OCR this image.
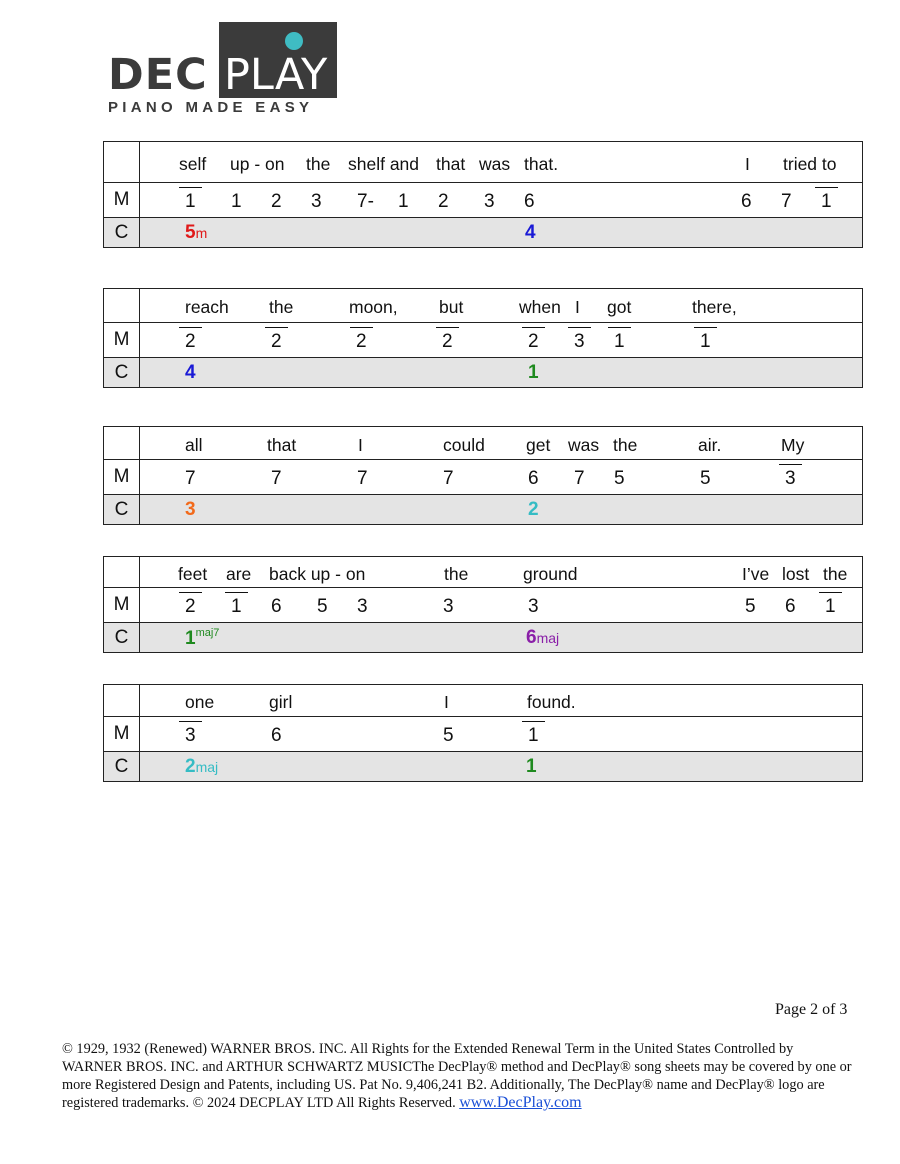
DEC PLAY
PIANO MADE EASY
self up - on the shelf and that was that.	I tried to
M	1 1 2 3 7- 1 2 3 6	6 7 1
C	5m	4
reach the	moon, but	when I got	there,
M	2	2	2	2	2 3 1	1
C	4	1
all	that	I	could get was the	air.	My
M	7	7	7	7	6 7 5	5	3
C	3	2
feet are back up - on	the	ground	I’ve lost the
M	2 1 6 5 3	3	3	5 6 1
C	$1^{maj7}$	6maj
one	girl	I	found.
M	3	6	5	1
C	2maj	1
Page 2 of 3
© 1929, 1932 (Renewed) WARNER BROS. INC. All Rights for the Extended Renewal Term in the United States Controlled by WARNER BROS. INC. and ARTHUR SCHWARTZ MUSICThe DecPlay® method and DecPlay® song sheets may be covered by one or more Registered Design and Patents, including US. Pat No. 9,406,241 B2. Additionally, The DecPlay® name and DecPlay® logo are registered trademarks. © 2024 DECPLAY LTD All Rights Reserved. www.DecPlay.com
